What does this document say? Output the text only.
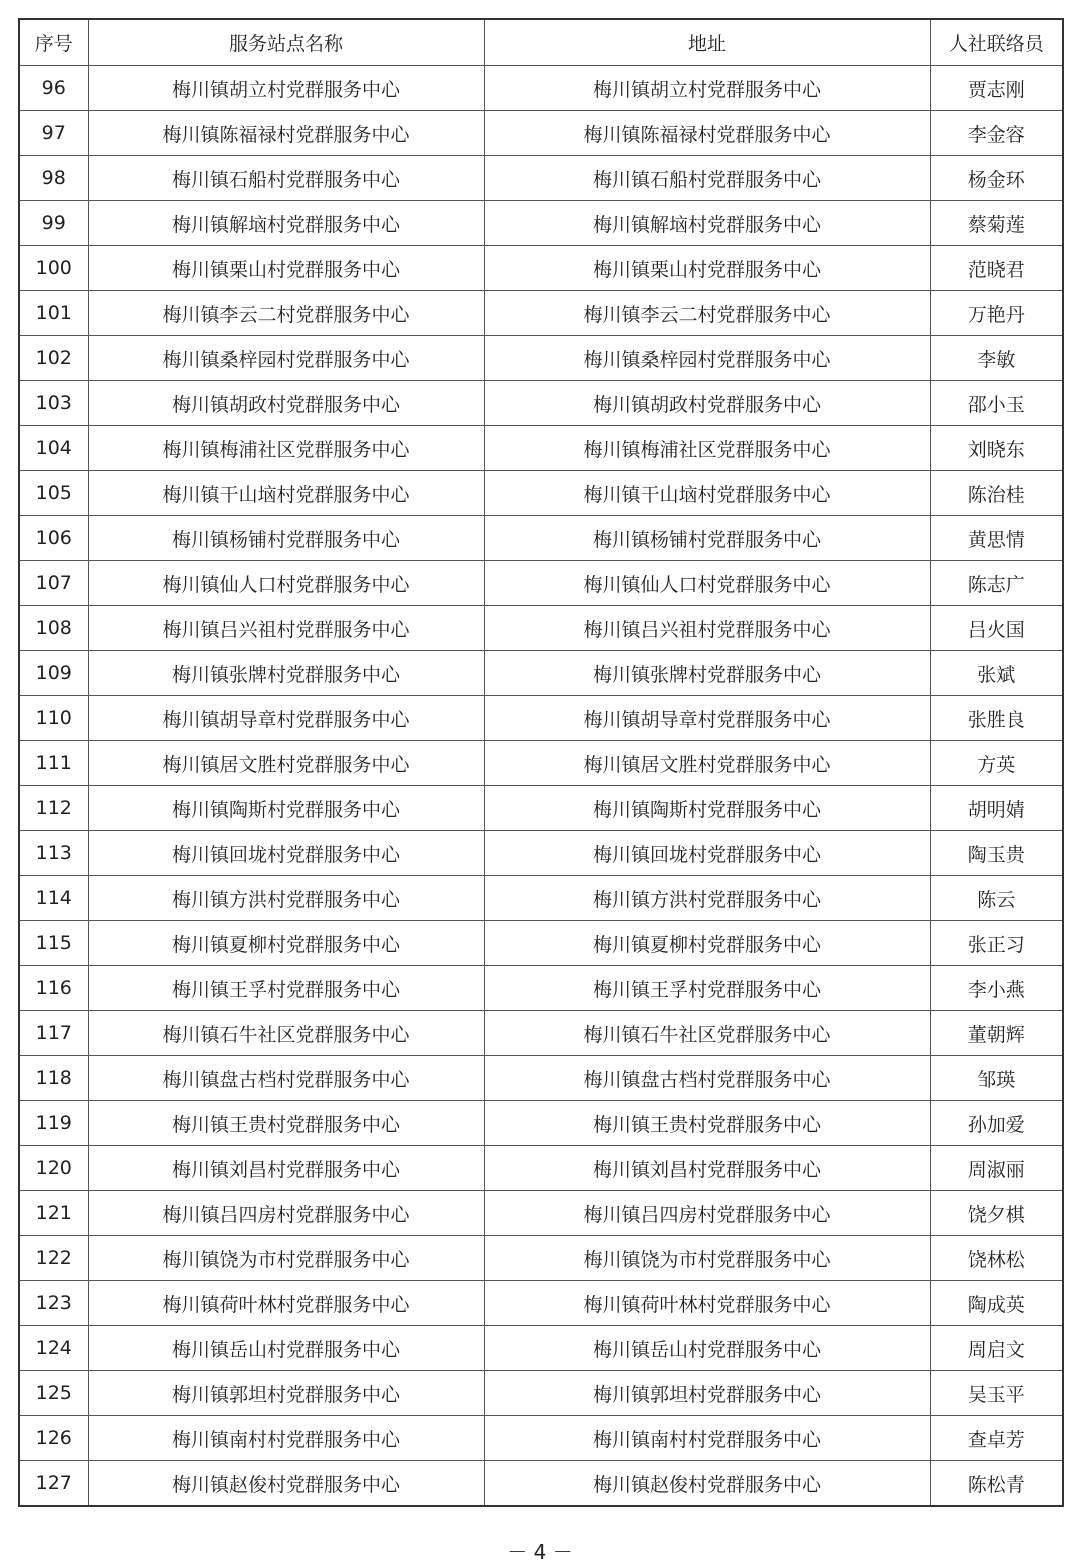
序号	服务站点名称	地址	人社联络员
96	梅川镇胡立村党群服务中心	梅川镇胡立村党群服务中心	贾志刚
97	梅川镇陈福禄村党群服务中心	梅川镇陈福禄村党群服务中心	李金容
98	梅川镇石船村党群服务中心	梅川镇石船村党群服务中心	杨金环
99	梅川镇解垴村党群服务中心	梅川镇解垴村党群服务中心	蔡菊莲
100	梅川镇栗山村党群服务中心	梅川镇栗山村党群服务中心	范晓君
101	梅川镇李云二村党群服务中心	梅川镇李云二村党群服务中心	万艳丹
102	梅川镇桑梓园村党群服务中心	梅川镇桑梓园村党群服务中心	李敏
103	梅川镇胡政村党群服务中心	梅川镇胡政村党群服务中心	邵小玉
104	梅川镇梅浦社区党群服务中心	梅川镇梅浦社区党群服务中心	刘晓东
105	梅川镇干山垴村党群服务中心	梅川镇干山垴村党群服务中心	陈治桂
106	梅川镇杨铺村党群服务中心	梅川镇杨铺村党群服务中心	黄思情
107	梅川镇仙人口村党群服务中心	梅川镇仙人口村党群服务中心	陈志广
108	梅川镇吕兴祖村党群服务中心	梅川镇吕兴祖村党群服务中心	吕火国
109	梅川镇张牌村党群服务中心	梅川镇张牌村党群服务中心	张斌
110	梅川镇胡导章村党群服务中心	梅川镇胡导章村党群服务中心	张胜良
111	梅川镇居文胜村党群服务中心	梅川镇居文胜村党群服务中心	方英
112	梅川镇陶斯村党群服务中心	梅川镇陶斯村党群服务中心	胡明婧
113	梅川镇回垅村党群服务中心	梅川镇回垅村党群服务中心	陶玉贵
114	梅川镇方洪村党群服务中心	梅川镇方洪村党群服务中心	陈云
115	梅川镇夏柳村党群服务中心	梅川镇夏柳村党群服务中心	张正习
116	梅川镇王孚村党群服务中心	梅川镇王孚村党群服务中心	李小燕
117	梅川镇石牛社区党群服务中心	梅川镇石牛社区党群服务中心	董朝辉
118	梅川镇盘古档村党群服务中心	梅川镇盘古档村党群服务中心	邹瑛
119	梅川镇王贵村党群服务中心	梅川镇王贵村党群服务中心	孙加爱
120	梅川镇刘昌村党群服务中心	梅川镇刘昌村党群服务中心	周淑丽
121	梅川镇吕四房村党群服务中心	梅川镇吕四房村党群服务中心	饶夕棋
122	梅川镇饶为市村党群服务中心	梅川镇饶为市村党群服务中心	饶林松
123	梅川镇荷叶林村党群服务中心	梅川镇荷叶林村党群服务中心	陶成英
124	梅川镇岳山村党群服务中心	梅川镇岳山村党群服务中心	周启文
125	梅川镇郭坦村党群服务中心	梅川镇郭坦村党群服务中心	吴玉平
126	梅川镇南村村党群服务中心	梅川镇南村村党群服务中心	查卓芳
127	梅川镇赵俊村党群服务中心	梅川镇赵俊村党群服务中心	陈松青
－ 4 －
